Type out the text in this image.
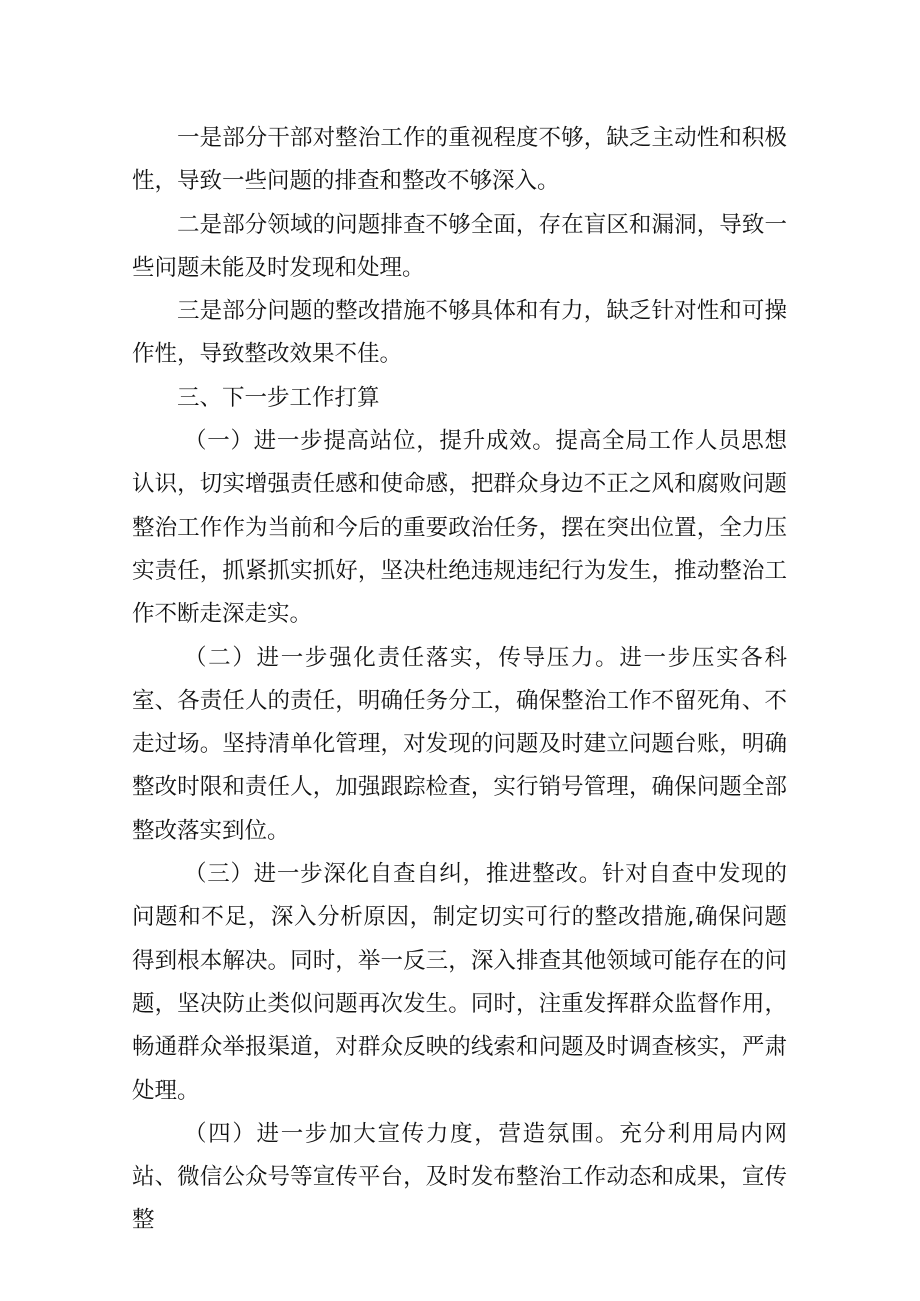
一是部分干部对整治工作的重视程度不够，缺乏主动性和积极性，导致一些问题的排查和整改不够深入。

二是部分领域的问题排查不够全面，存在盲区和漏洞，导致一些问题未能及时发现和处理。

三是部分问题的整改措施不够具体和有力，缺乏针对性和可操作性，导致整改效果不佳。

三、下一步工作打算

（一）进一步提高站位，提升成效。提高全局工作人员思想认识，切实增强责任感和使命感，把群众身边不正之风和腐败问题整治工作作为当前和今后的重要政治任务，摆在突出位置，全力压实责任，抓紧抓实抓好，坚决杜绝违规违纪行为发生，推动整治工作不断走深走实。

（二）进一步强化责任落实，传导压力。进一步压实各科室、各责任人的责任，明确任务分工，确保整治工作不留死角、不走过场。坚持清单化管理，对发现的问题及时建立问题台账，明确整改时限和责任人，加强跟踪检查，实行销号管理，确保问题全部整改落实到位。

（三）进一步深化自查自纠，推进整改。针对自查中发现的问题和不足，深入分析原因，制定切实可行的整改措施,确保问题得到根本解决。同时，举一反三，深入排查其他领域可能存在的问题，坚决防止类似问题再次发生。同时，注重发挥群众监督作用，畅通群众举报渠道，对群众反映的线索和问题及时调查核实，严肃处理。

（四）进一步加大宣传力度，营造氛围。充分利用局内网站、微信公众号等宣传平台，及时发布整治工作动态和成果，宣传整
